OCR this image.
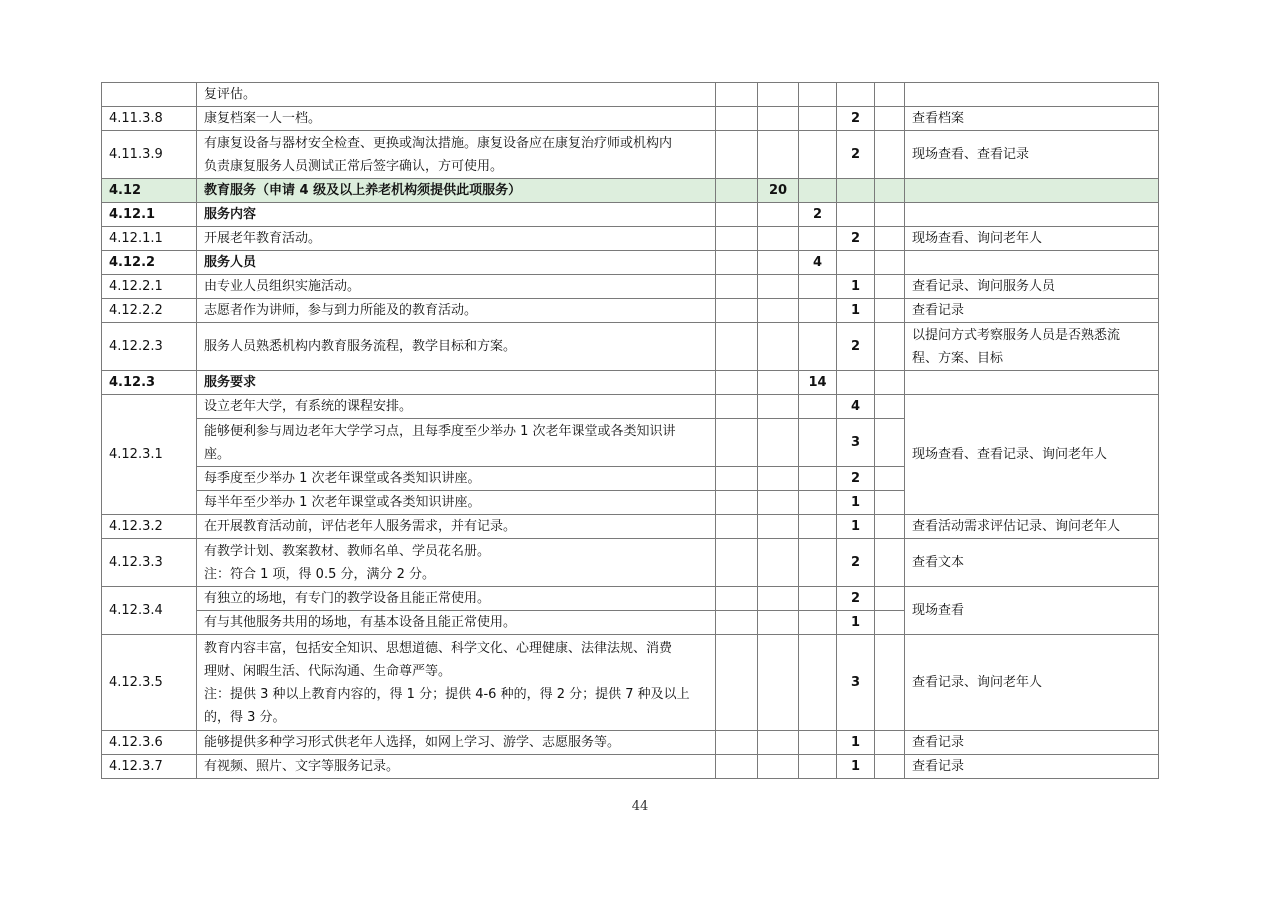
	复评估。						

4.11.3.8	康复档案一人一档。				2		查看档案

4.11.3.9	有康复设备与器材安全检查、更换或淘汰措施。康复设备应在康复治疗师或机构内
负责康复服务人员测试正常后签字确认，方可使用。				2		现场查看、查看记录

4.12	教育服务（申请 4 级及以上养老机构须提供此项服务）		20				

4.12.1	服务内容			2			

4.12.1.1	开展老年教育活动。				2		现场查看、询问老年人

4.12.2	服务人员			4			

4.12.2.1	由专业人员组织实施活动。				1		查看记录、询问服务人员

4.12.2.2	志愿者作为讲师，参与到力所能及的教育活动。				1		查看记录

4.12.2.3	服务人员熟悉机构内教育服务流程，教学目标和方案。				2		以提问方式考察服务人员是否熟悉流
程、方案、目标

4.12.3	服务要求			14			

4.12.3.1	设立老年大学，有系统的课程安排。				4		现场查看、查看记录、询问老年人

	能够便利参与周边老年大学学习点，且每季度至少举办 1 次老年课堂或各类知识讲
座。				3		

	每季度至少举办 1 次老年课堂或各类知识讲座。				2		

	每半年至少举办 1 次老年课堂或各类知识讲座。				1		
4.12.3.2	在开展教育活动前，评估老年人服务需求，并有记录。				1		查看活动需求评估记录、询问老年人

4.12.3.3	有教学计划、教案教材、教师名单、学员花名册。
注：符合 1 项，得 0.5 分，满分 2 分。				2		查看文本

4.12.3.4	有独立的场地，有专门的教学设备且能正常使用。				2		现场查看

	有与其他服务共用的场地，有基本设备且能正常使用。				1		
4.12.3.5	教育内容丰富，包括安全知识、思想道德、科学文化、心理健康、法律法规、消费
理财、闲暇生活、代际沟通、生命尊严等。
注：提供 3 种以上教育内容的，得 1 分；提供 4-6 种的，得 2 分；提供 7 种及以上
的，得 3 分。				3		查看记录、询问老年人

4.12.3.6	能够提供多种学习形式供老年人选择，如网上学习、游学、志愿服务等。				1		查看记录

4.12.3.7	有视频、照片、文字等服务记录。				1		查看记录
44
